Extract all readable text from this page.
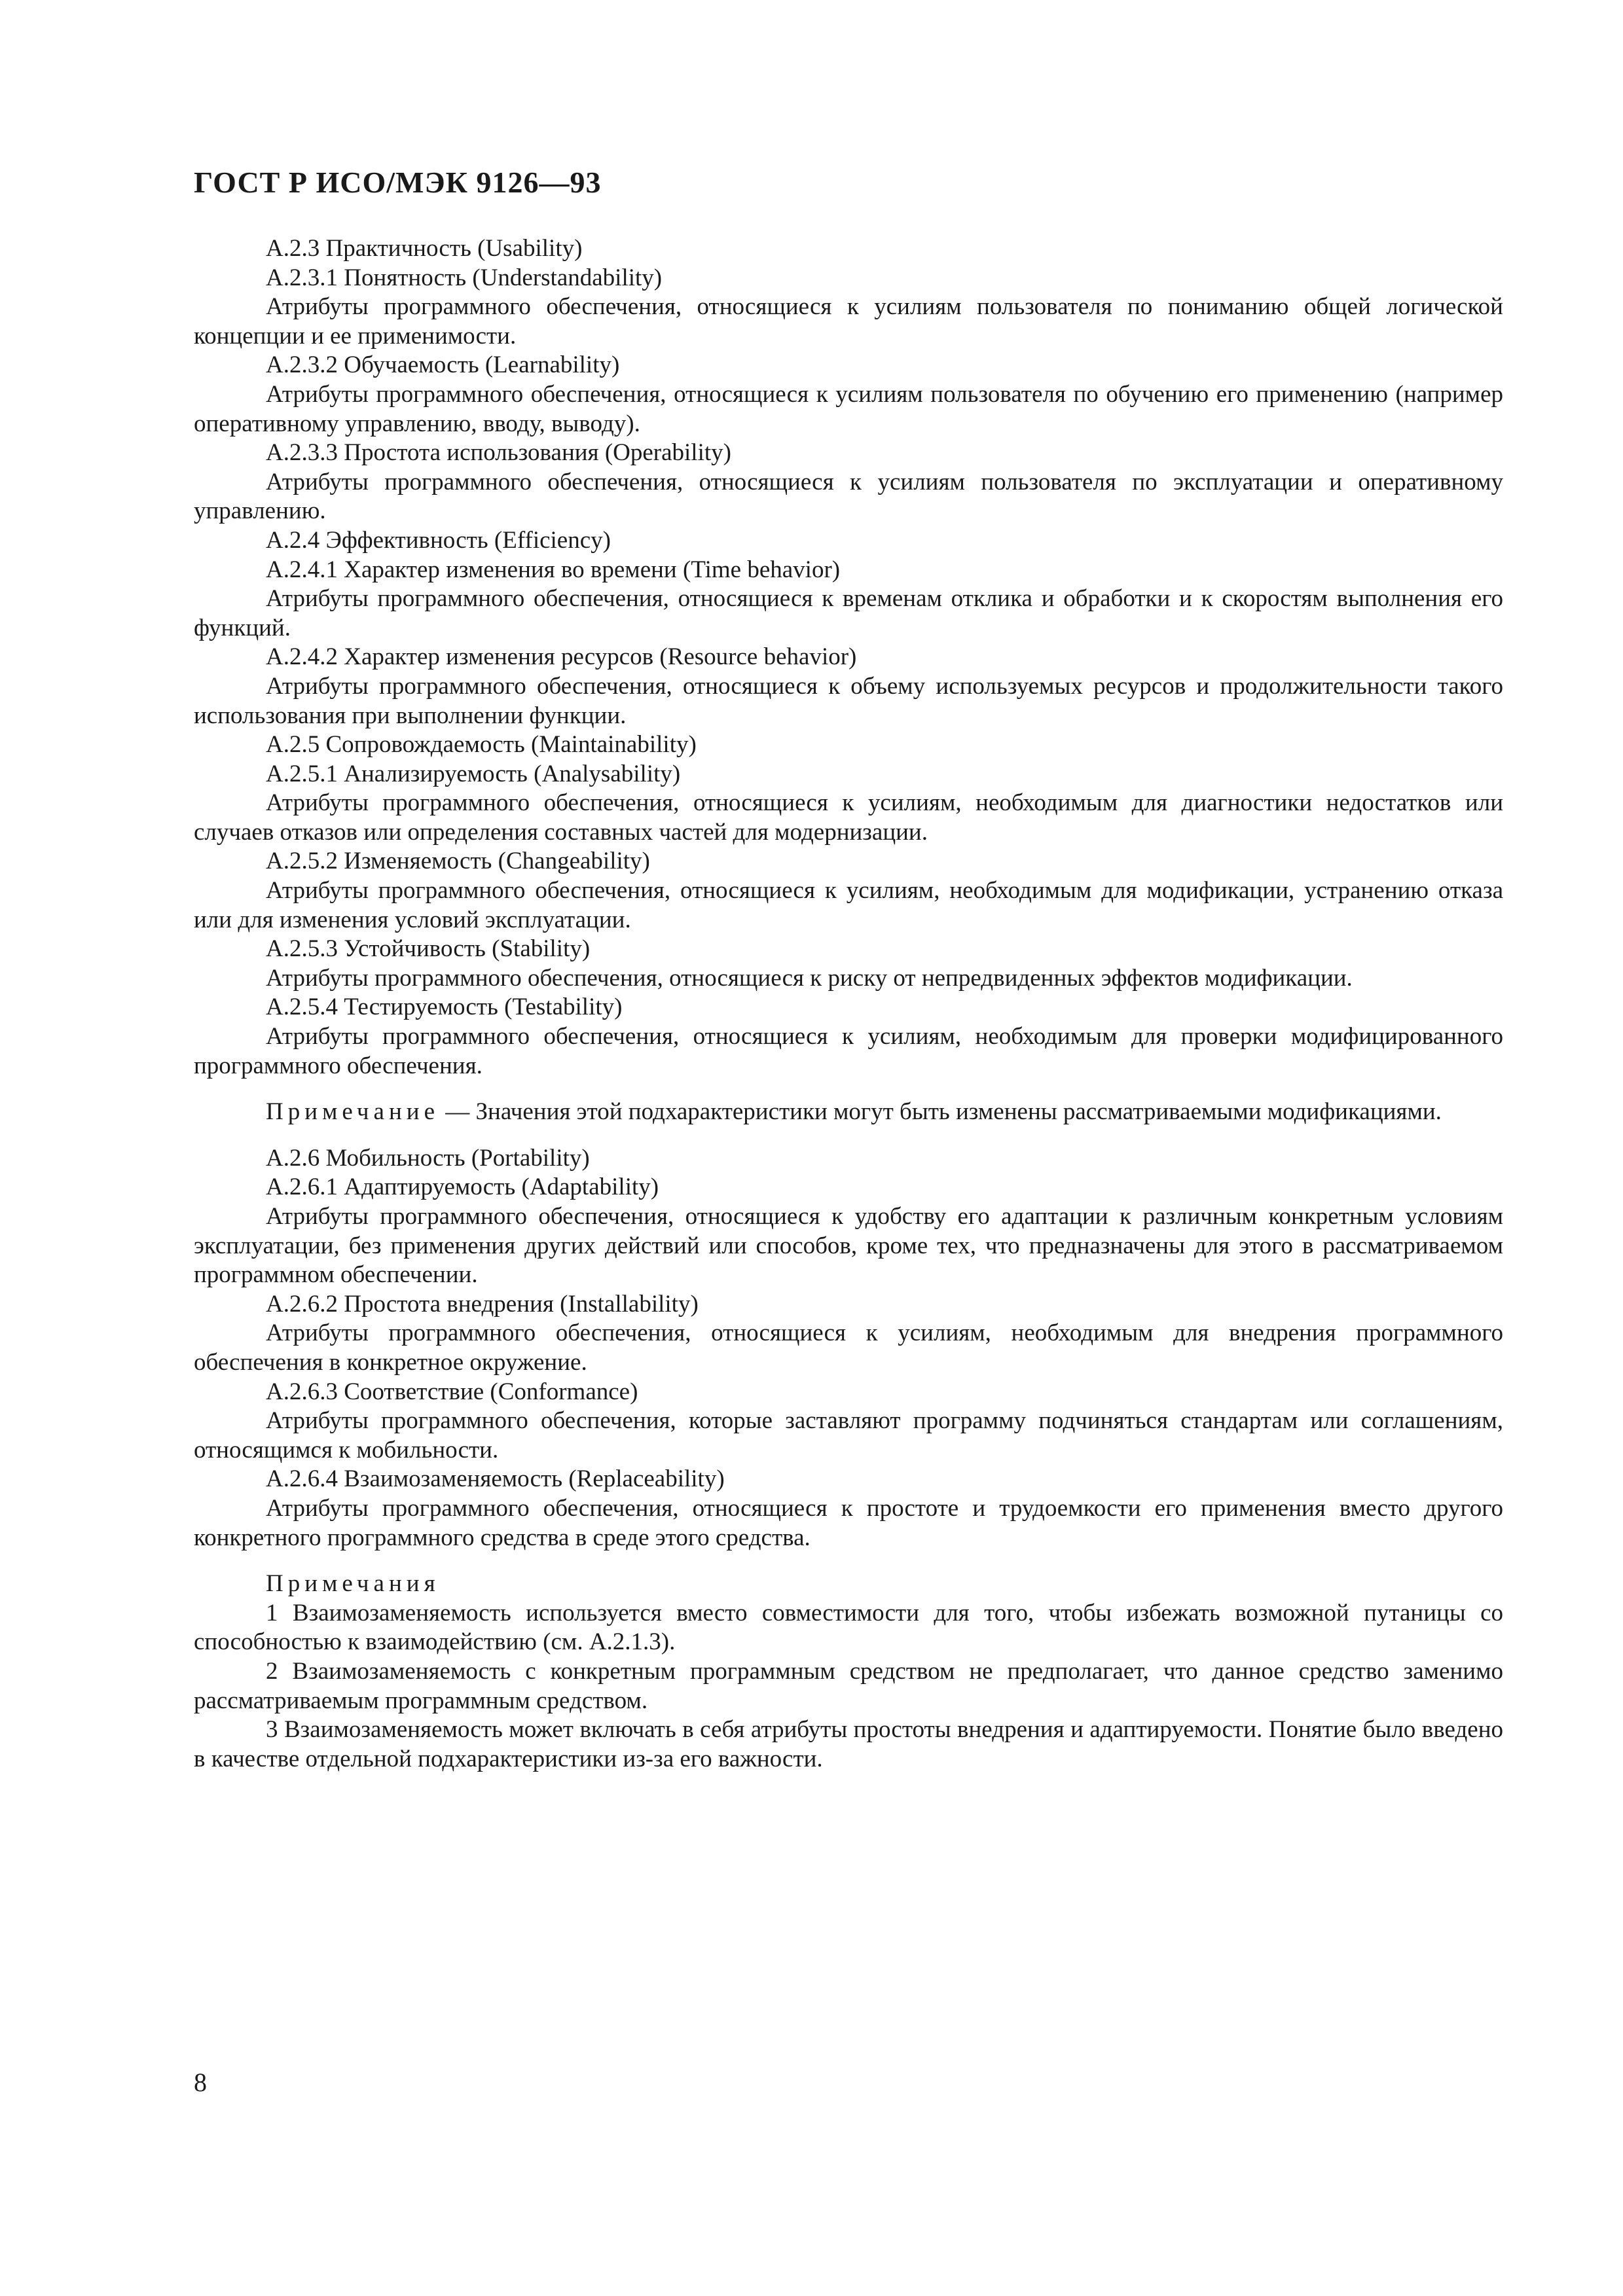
ГОСТ Р ИСО/МЭК 9126—93

А.2.3 Практичность (Usability)

А.2.3.1 Понятность (Understandability)

Атрибуты программного обеспечения, относящиеся к усилиям пользователя по пониманию общей логической концепции и ее применимости.

А.2.3.2 Обучаемость (Learnability)

Атрибуты программного обеспечения, относящиеся к усилиям пользователя по обучению его применению (например оперативному управлению, вводу, выводу).

А.2.3.3 Простота использования (Operability)

Атрибуты программного обеспечения, относящиеся к усилиям пользователя по эксплуатации и оперативному управлению.

А.2.4 Эффективность (Efficiency)

А.2.4.1 Характер изменения во времени (Time behavior)

Атрибуты программного обеспечения, относящиеся к временам отклика и обработки и к скоростям выполнения его функций.

А.2.4.2 Характер изменения ресурсов (Resource behavior)

Атрибуты программного обеспечения, относящиеся к объему используемых ресурсов и продолжительности такого использования при выполнении функции.

А.2.5 Сопровождаемость (Maintainability)

А.2.5.1 Анализируемость (Analysability)

Атрибуты программного обеспечения, относящиеся к усилиям, необходимым для диагностики недостатков или случаев отказов или определения составных частей для модернизации.

А.2.5.2 Изменяемость (Changeability)

Атрибуты программного обеспечения, относящиеся к усилиям, необходимым для модификации, устранению отказа или для изменения условий эксплуатации.

А.2.5.3 Устойчивость (Stability)

Атрибуты программного обеспечения, относящиеся к риску от непредвиденных эффектов модификации.

А.2.5.4 Тестируемость (Testability)

Атрибуты программного обеспечения, относящиеся к усилиям, необходимым для проверки модифицированного программного обеспечения.

Примечание — Значения этой подхарактеристики могут быть изменены рассматриваемыми модификациями.

А.2.6 Мобильность (Portability)

А.2.6.1 Адаптируемость (Adaptability)

Атрибуты программного обеспечения, относящиеся к удобству его адаптации к различным конкретным условиям эксплуатации, без применения других действий или способов, кроме тех, что предназначены для этого в рассматриваемом программном обеспечении.

А.2.6.2 Простота внедрения (Installability)

Атрибуты программного обеспечения, относящиеся к усилиям, необходимым для внедрения программного обеспечения в конкретное окружение.

А.2.6.3 Соответствие (Conformance)

Атрибуты программного обеспечения, которые заставляют программу подчиняться стандартам или соглашениям, относящимся к мобильности.

А.2.6.4 Взаимозаменяемость (Replaceability)

Атрибуты программного обеспечения, относящиеся к простоте и трудоемкости его применения вместо другого конкретного программного средства в среде этого средства.

Примечания

1 Взаимозаменяемость используется вместо совместимости для того, чтобы избежать возможной путаницы со способностью к взаимодействию (см. А.2.1.3).

2 Взаимозаменяемость с конкретным программным средством не предполагает, что данное средство заменимо рассматриваемым программным средством.

3 Взаимозаменяемость может включать в себя атрибуты простоты внедрения и адаптируемости. Понятие было введено в качестве отдельной подхарактеристики из-за его важности.

8
